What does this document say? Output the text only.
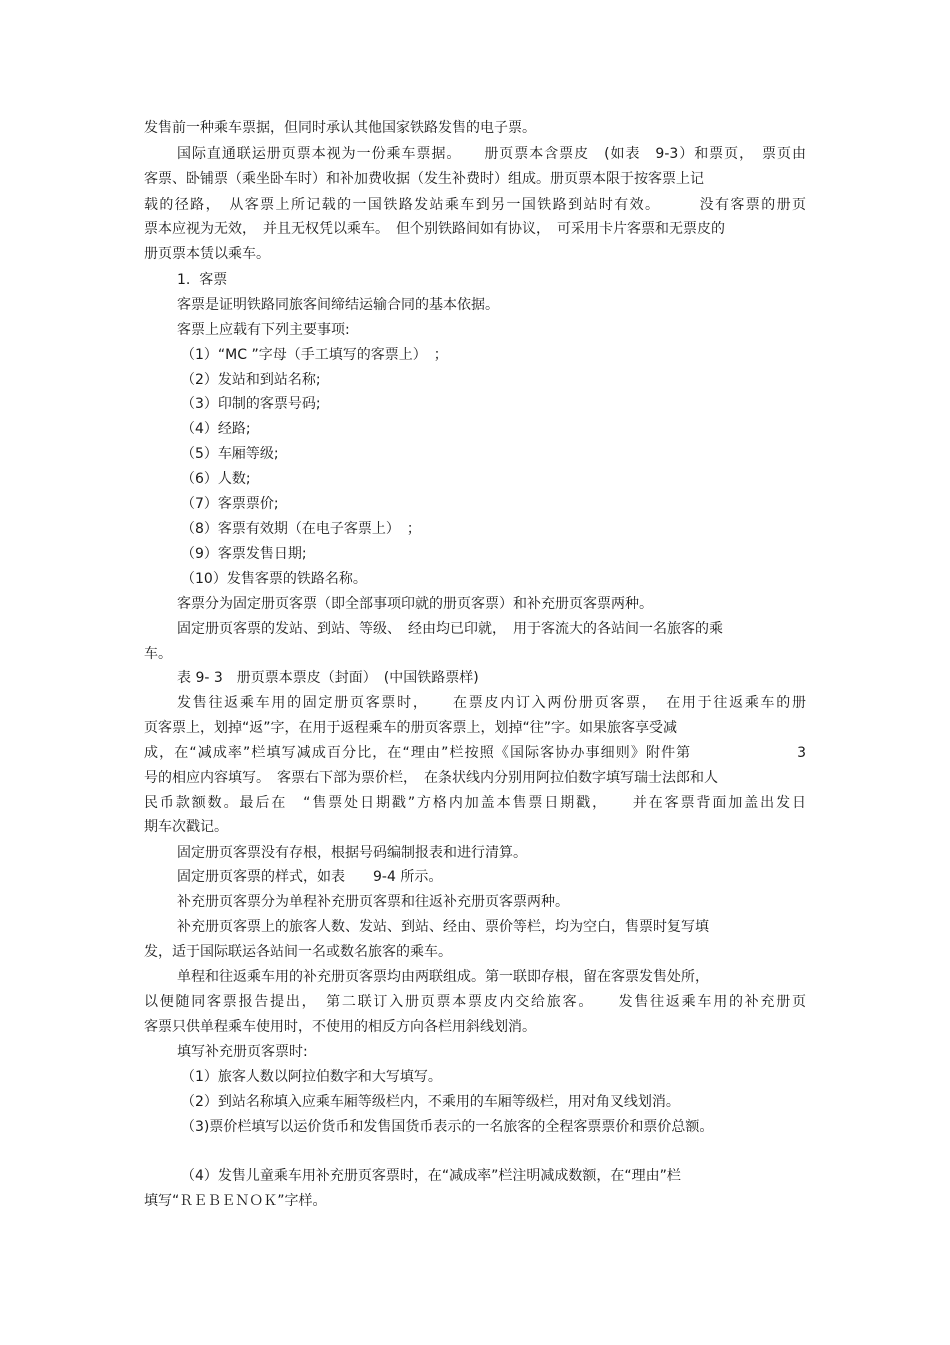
发售前一种乘车票据，但同时承认其他国家铁路发售的电子票。
国际直通联运册页票本视为一份乘车票据。　　册页票本含票皮　(如表　9-3）和票页，　票页由
客票、卧铺票（乘坐卧车时）和补加费收据（发生补费时）组成。册页票本限于按客票上记
载的径路，　从客票上所记载的一国铁路发站乘车到另一国铁路到站时有效。　　　没有客票的册页
票本应视为无效，　并且无权凭以乘车。　但个别铁路间如有协议，　可采用卡片客票和无票皮的
册页票本赁以乘车。
1.  客票
客票是证明铁路同旅客间缔结运输合同的基本依据。
客票上应载有下列主要事项:
（1）“MC ”字母（手工填写的客票上）　；
（2）发站和到站名称;
（3）印制的客票号码;
（4）经路;
（5）车厢等级;
（6）人数;
（7）客票票价;
（8）客票有效期（在电子客票上）　；
（9）客票发售日期;
（10）发售客票的铁路名称。
客票分为固定册页客票（即全部事项印就的册页客票）和补充册页客票两种。
固定册页客票的发站、到站、等级、　经由均已印就，　用于客流大的各站间一名旅客的乘
车。
表 9- 3　册页票本票皮（封面）　(中国铁路票样)
发售往返乘车用的固定册页客票时，　　在票皮内订入两份册页客票，　在用于往返乘车的册
页客票上，划掉“返”字，在用于返程乘车的册页客票上，划掉“往”字。如果旅客享受减
成，在“减成率”栏填写减成百分比，在“理由”栏按照《国际客协办事细则》附件第　　　　　　　3
号的相应内容填写。　客票右下部为票价栏，　在条状线内分别用阿拉伯数字填写瑞士法郎和人
民币款额数。最后在　“售票处日期戳”方格内加盖本售票日期戳，　　并在客票背面加盖出发日
期车次戳记。
固定册页客票没有存根，根据号码编制报表和进行清算。
固定册页客票的样式，如表　　9-4 所示。
补充册页客票分为单程补充册页客票和往返补充册页客票两种。
补充册页客票上的旅客人数、发站、到站、经由、票价等栏，均为空白，售票时复写填
发，适于国际联运各站间一名或数名旅客的乘车。
单程和往返乘车用的补充册页客票均由两联组成。第一联即存根，留在客票发售处所，
以便随同客票报告提出，　第二联订入册页票本票皮内交给旅客。　　发售往返乘车用的补充册页
客票只供单程乘车使用时，不使用的相反方向各栏用斜线划消。
填写补充册页客票时:
（1）旅客人数以阿拉伯数字和大写填写。
（2）到站名称填入应乘车厢等级栏内，不乘用的车厢等级栏，用对角叉线划消。
（3)票价栏填写以运价货币和发售国货币表示的一名旅客的全程客票票价和票价总额。
（4）发售儿童乘车用补充册页客票时，在“减成率”栏注明减成数额，在“理由”栏
填写“ＲＥＢＥＮＯＫ”字样。
